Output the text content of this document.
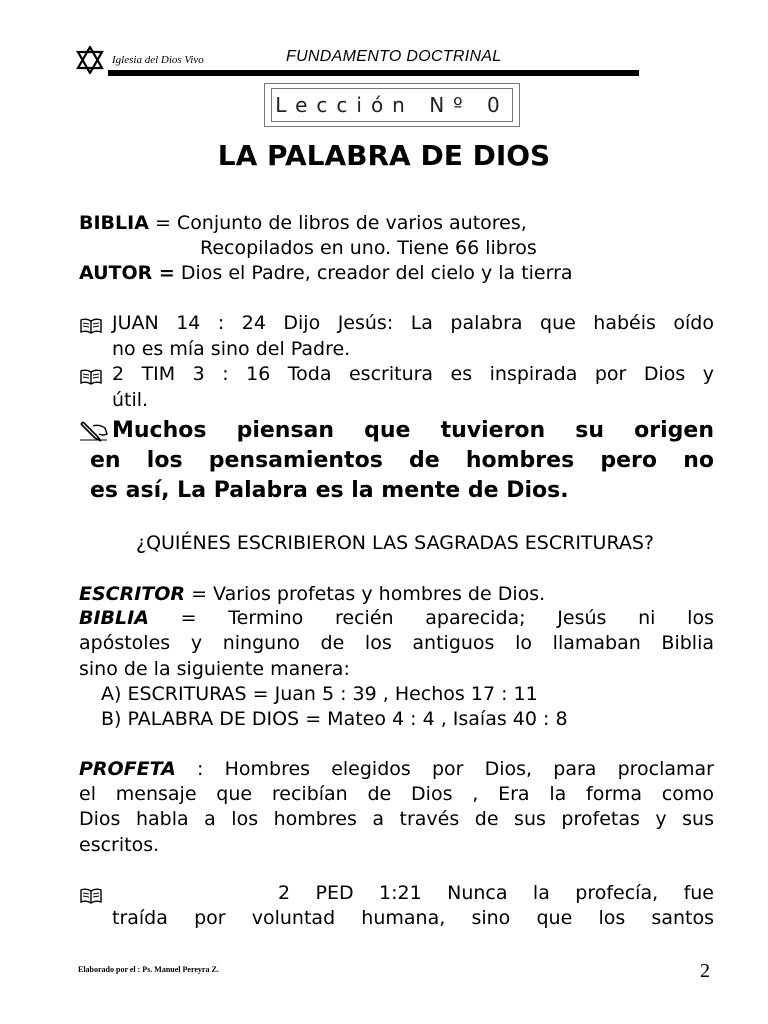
Iglesia del Dios Vivo	FUNDAMENTO DOCTRINAL
Lección Nº 0
LA PALABRA DE DIOS
BIBLIA = Conjunto de libros de varios autores,
Recopilados en uno. Tiene 66 libros
AUTOR = Dios el Padre, creador del cielo y la tierra
JUAN 14 : 24 Dijo Jesús: La palabra que habéis oído
no es mía sino del Padre.
2 TIM 3 : 16 Toda escritura es inspirada por Dios y
útil.
Muchos piensan que tuvieron su origen
en los pensamientos de hombres pero no
es así, La Palabra es la mente de Dios.
¿QUIÉNES ESCRIBIERON LAS SAGRADAS ESCRITURAS?
ESCRITOR = Varios profetas y hombres de Dios.
BIBLIA = Termino recién aparecida; Jesús ni los
apóstoles y ninguno de los antiguos lo llamaban Biblia
sino de la siguiente manera:
A) ESCRITURAS = Juan 5 : 39 , Hechos 17 : 11
B) PALABRA DE DIOS = Mateo 4 : 4 , Isaías 40 : 8
PROFETA : Hombres elegidos por Dios, para proclamar
el mensaje que recibían de Dios , Era la forma como
Dios habla a los hombres a través de sus profetas y sus
escritos.
2 PED 1:21 Nunca la profecía, fue
traída por voluntad humana, sino que los santos
Elaborado por el : Ps. Manuel Pereyra Z.	2
